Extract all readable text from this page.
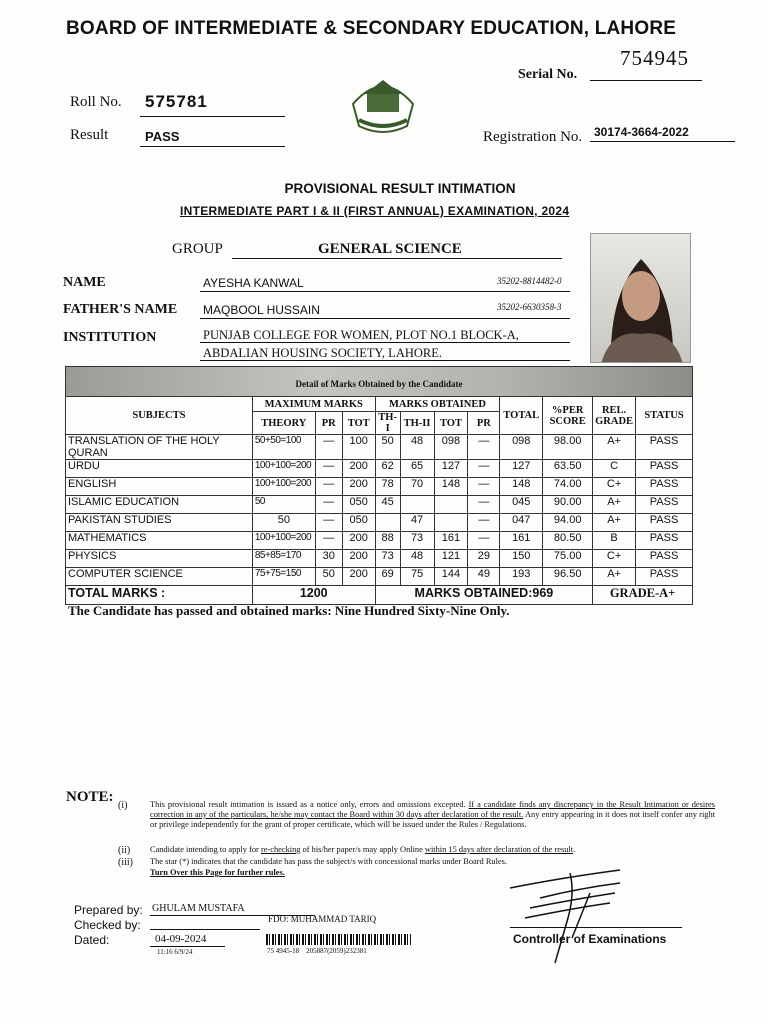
BOARD OF INTERMEDIATE & SECONDARY EDUCATION, LAHORE
754945
Serial No.
Roll No. 575781
Result	PASS	Registration No. 30174-3664-2022
PROVISIONAL RESULT INTIMATION
INTERMEDIATE PART I & II (FIRST ANNUAL) EXAMINATION, 2024
GROUP	GENERAL SCIENCE
NAME	AYESHA KANWAL	35202-8814482-0
FATHER'S NAME MAQBOOL HUSSAIN	35202-6630358-3
INSTITUTION	PUNJAB COLLEGE FOR WOMEN, PLOT NO.1 BLOCK-A,
ABDALIAN HOUSING SOCIETY, LAHORE.
Detail of Marks Obtained by the Candidate
SUBJECTS	MAXIMUM MARKS			MARKS OBTAINED				TOTAL	%PER SCORE	REL. GRADE	STATUS
	THEORY	PR	TOT	TH-I	TH-II	TOT	PR				
TRANSLATION OF THE HOLY QURAN	50+50=100	—	100	50	48	098	—	098	98.00	A+	PASS
URDU	100+100=200	—	200	62	65	127	—	127	63.50	C	PASS
ENGLISH	100+100=200	—	200	78	70	148	—	148	74.00	C+	PASS
ISLAMIC EDUCATION	50	—	050	45			—	045	90.00	A+	PASS
PAKISTAN STUDIES	50	—	050		47		—	047	94.00	A+	PASS
MATHEMATICS	100+100=200	—	200	88	73	161	—	161	80.50	B	PASS
PHYSICS	85+85=170	30	200	73	48	121	29	150	75.00	C+	PASS
COMPUTER SCIENCE	75+75=150	50	200	69	75	144	49	193	96.50	A+	PASS
TOTAL MARKS :	1200			MARKS OBTAINED:969						GRADE-A+	
The Candidate has passed and obtained marks: Nine Hundred Sixty-Nine Only.
NOTE:
(i)	This provisional result intimation is issued as a notice only, errors and omissions excepted. If a candidate finds any discrepancy in the Result Intimation or desires correction in any of the particulars, he/she may contact the Board within 30 days after declaration of the result. Any entry appearing in it does not itself confer any right or privilege independently for the grant of proper certificate, which will be issued under the Rules / Regulations.
(ii) Candidate intending to apply for re-checking of his/her paper/s may apply Online within 15 days after declaration of the result.
(iii) The star (*) indicates that the candidate has pass the subject/s with concessional marks under Board Rules.
Turn Over this Page for further rules.
Prepared by: GHULAM MUSTAFA
Checked by:	FDO: MUHAMMAD TARIQ
Dated:	04-09-2024
11:16 6/9/24	75 4945-18    205887(2059)232381
Controller of Examinations
